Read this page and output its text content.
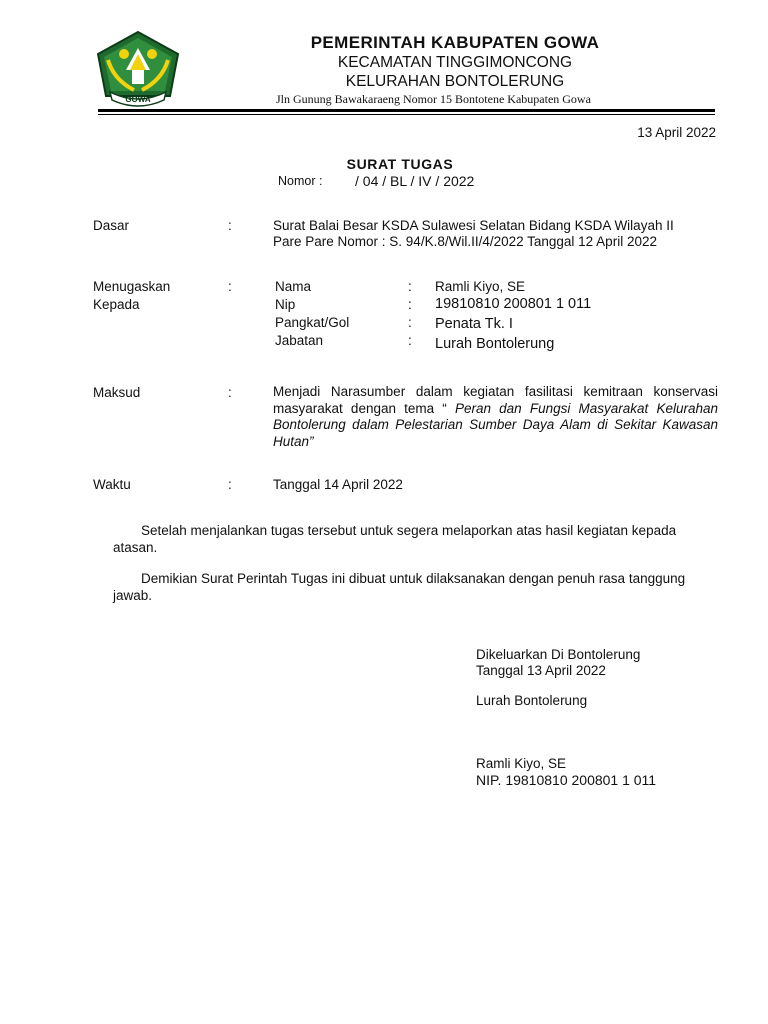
GOWA
PEMERINTAH KABUPATEN GOWA
KECAMATAN TINGGIMONCONG
KELURAHAN BONTOLERUNG
Jln Gunung Bawakaraeng Nomor 15 Bontotene Kabupaten Gowa
13 April 2022
SURAT TUGAS
Nomor : / 04 / BL / IV / 2022
Dasar	:	Surat Balai Besar KSDA Sulawesi Selatan Bidang KSDA Wilayah II
Pare Pare Nomor : S. 94/K.8/Wil.II/4/2022 Tanggal 12 April 2022
Menugaskan
Kepada
:	Nama	: Ramli Kiyo, SE
Nip	: 19810810 200801 1 011
Pangkat/Gol	: Penata Tk. I
Jabatan	: Lurah Bontolerung
Maksud	:	Menjadi Narasumber dalam kegiatan fasilitasi kemitraan konservasi masyarakat dengan tema “ Peran dan Fungsi Masyarakat Kelurahan Bontolerung dalam Pelestarian Sumber Daya Alam di Sekitar Kawasan Hutan”
Waktu	:	Tanggal 14 April 2022
Setelah menjalankan tugas tersebut untuk segera melaporkan atas hasil kegiatan kepada atasan.
Demikian Surat Perintah Tugas ini dibuat untuk dilaksanakan dengan penuh rasa tanggung jawab.
Dikeluarkan Di Bontolerung
Tanggal 13 April 2022
Lurah Bontolerung
Ramli Kiyo, SE
NIP. 19810810 200801 1 011
